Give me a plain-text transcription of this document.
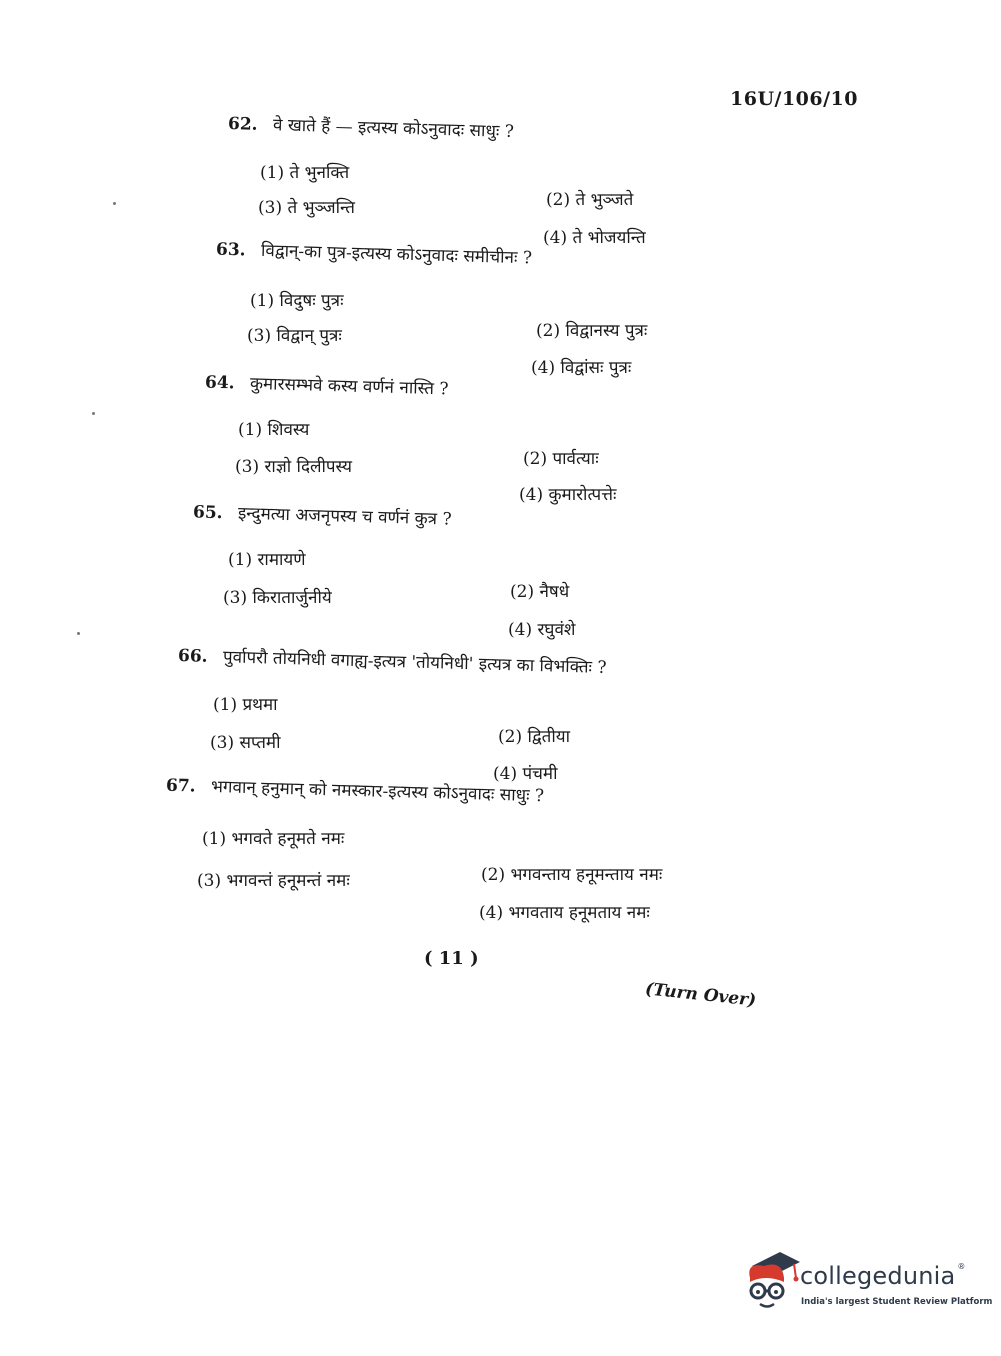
16U/106/10
62. वे खाते हैं — इत्यस्य कोऽनुवादः साधुः ?
(1) ते भुनक्ति
(2) ते भुञ्जते
(3) ते भुञ्जन्ति
(4) ते भोजयन्ति
63. विद्वान्-का पुत्र-इत्यस्य कोऽनुवादः समीचीनः ?
(1) विदुषः पुत्रः
(2) विद्वानस्य पुत्रः
(3) विद्वान् पुत्रः
(4) विद्वांसः पुत्रः
64. कुमारसम्भवे कस्य वर्णनं नास्ति ?
(1) शिवस्य
(2) पार्वत्याः
(3) राज्ञो दिलीपस्य
(4) कुमारोत्पत्तेः
65. इन्दुमत्या अजनृपस्य च वर्णनं कुत्र ?
(1) रामायणे
(2) नैषधे
(3) किरातार्जुनीये
(4) रघुवंशे
66. पुर्वापरौ तोयनिधी वगाह्य-इत्यत्र 'तोयनिधी' इत्यत्र का विभक्तिः ?
(1) प्रथमा
(2) द्वितीया
(3) सप्तमी
(4) पंचमी
67. भगवान् हनुमान् को नमस्कार-इत्यस्य कोऽनुवादः साधुः ?
(1) भगवते हनूमते नमः
(2) भगवन्ताय हनूमन्ताय नमः
(3) भगवन्तं हनूमन्तं नमः
(4) भगवताय हनूमताय नमः
( 11 )
(Turn Over)
collegedunia ®
India's largest Student Review Platform
